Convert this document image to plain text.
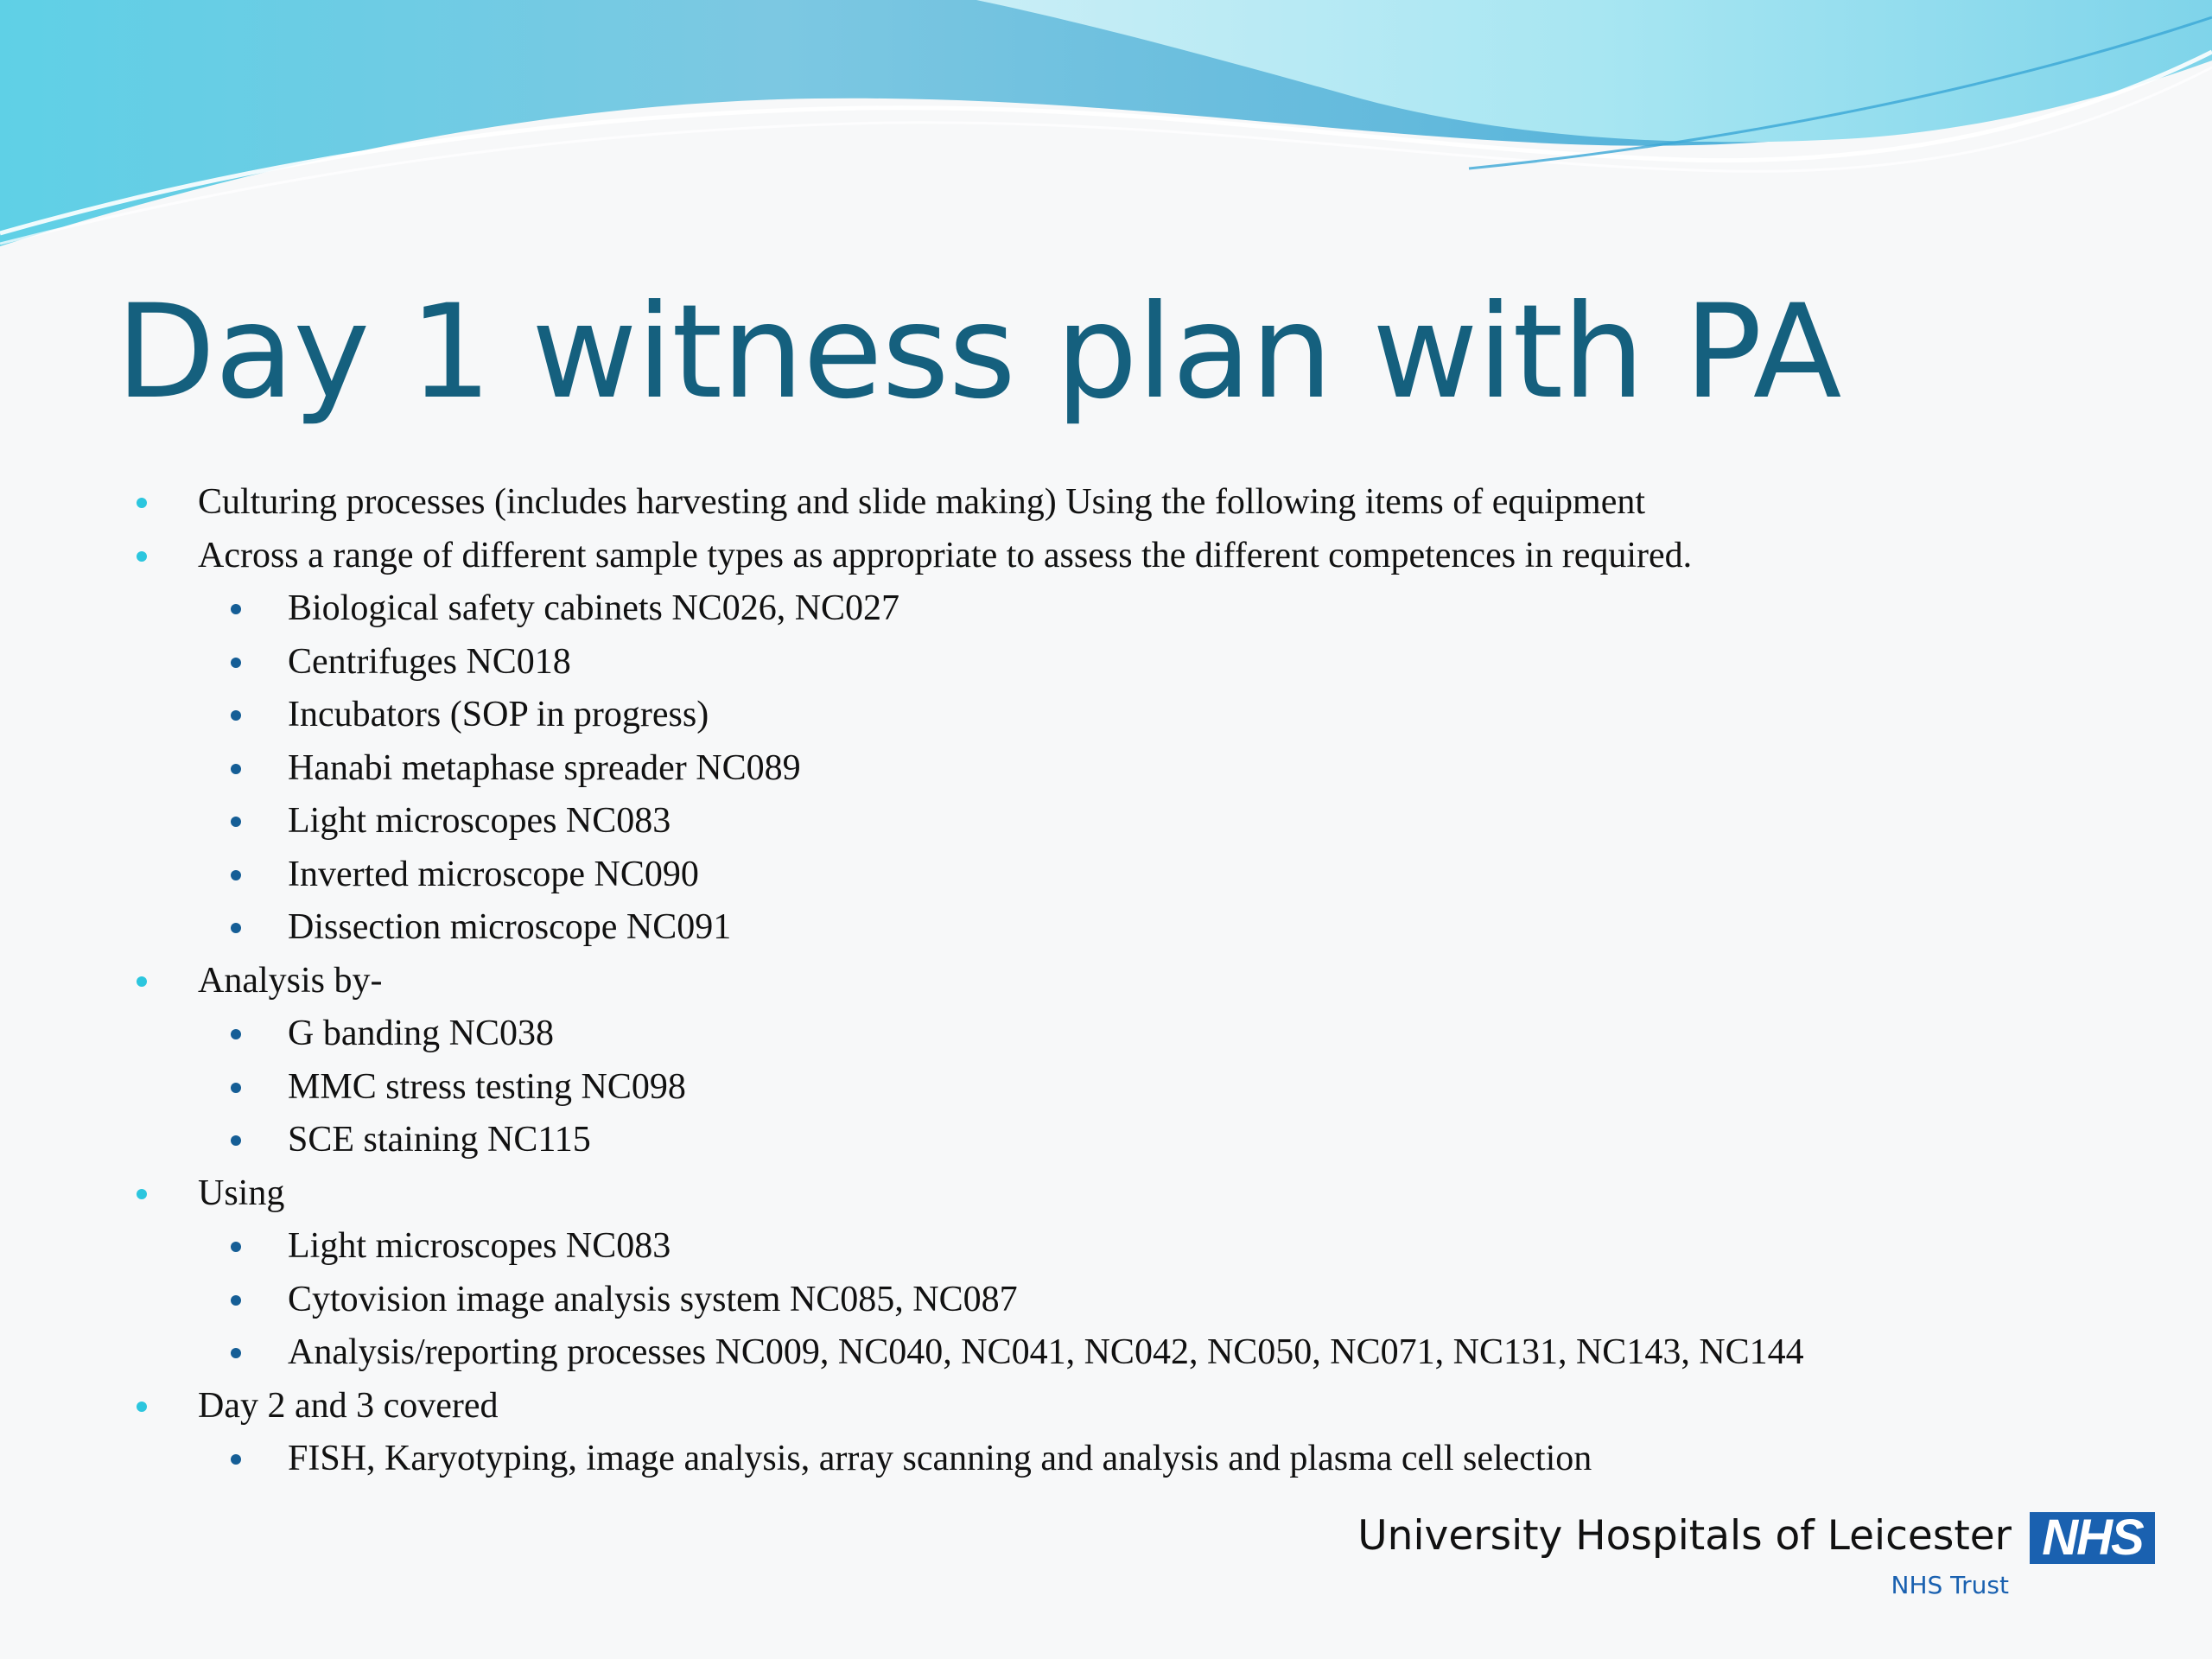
Day 1 witness plan with PA
Culturing processes (includes harvesting and slide making) Using the following items of equipment
Across a range of different sample types as appropriate to assess the different competences in required.
Biological safety cabinets NC026, NC027
Centrifuges NC018
Incubators (SOP in progress)
Hanabi metaphase spreader NC089
Light microscopes NC083
Inverted microscope NC090
Dissection microscope NC091
Analysis by-
G banding NC038
MMC stress testing NC098
SCE staining NC115
Using
Light microscopes NC083
Cytovision image analysis system NC085, NC087
Analysis/reporting processes NC009, NC040, NC041, NC042, NC050, NC071, NC131, NC143, NC144
Day 2 and 3 covered
FISH, Karyotyping, image analysis, array scanning and analysis and plasma cell selection
University Hospitals of Leicester NHS
NHS Trust
